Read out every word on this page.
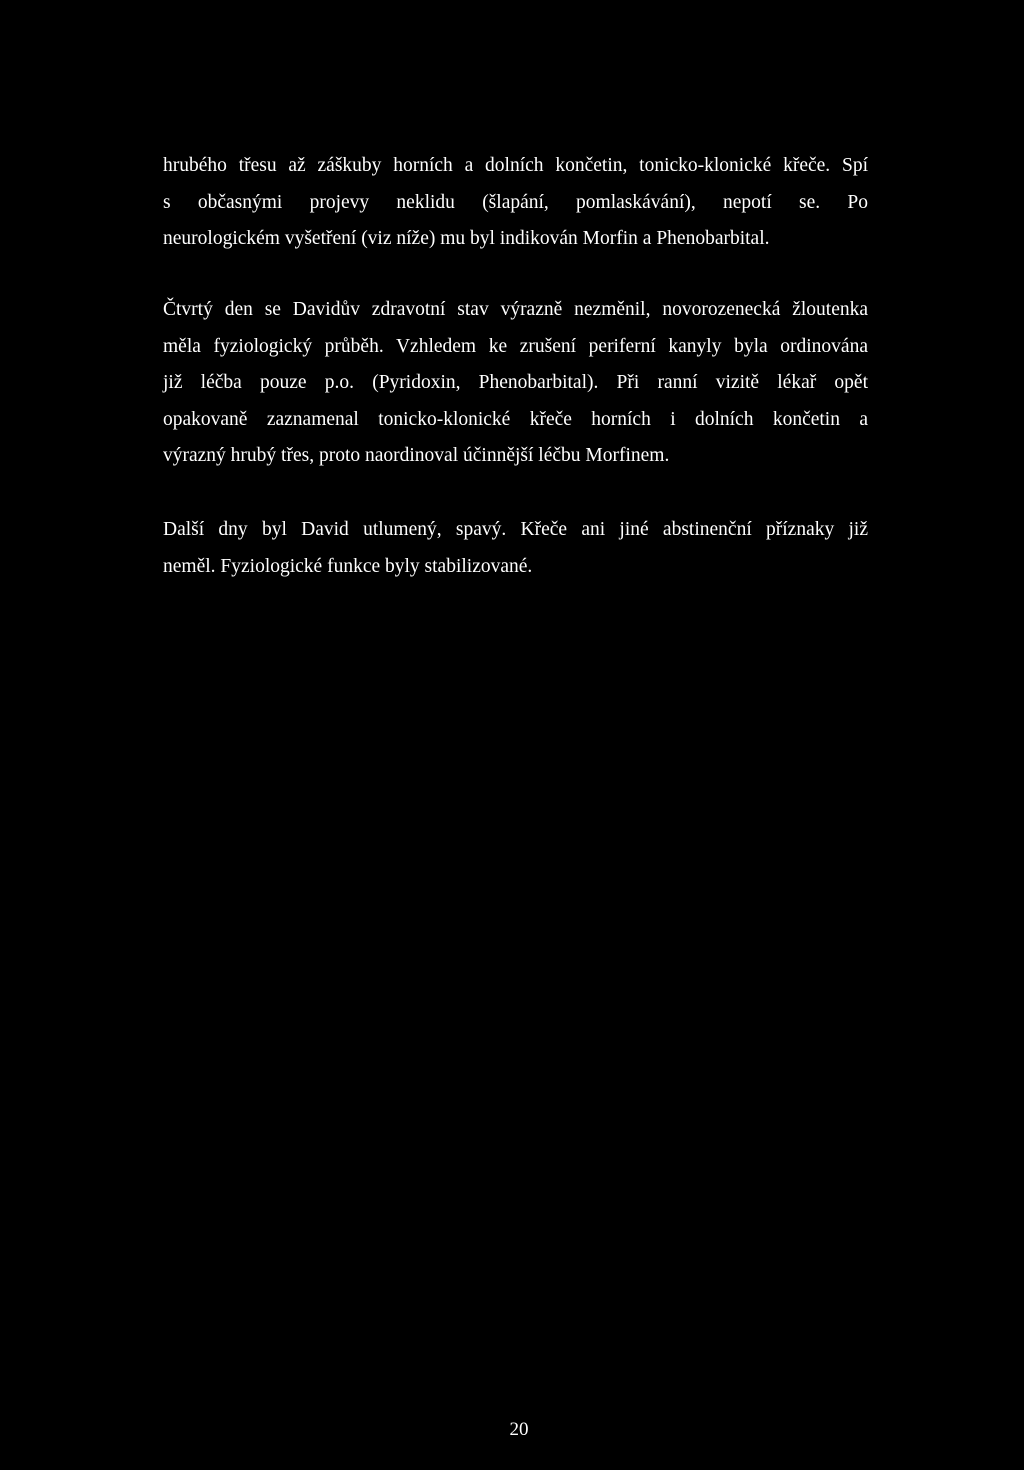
hrubého třesu až záškuby horních a dolních končetin, tonicko-klonické křeče. Spí
s občasnými projevy neklidu (šlapání, pomlaskávání), nepotí se. Po
neurologickém vyšetření (viz níže) mu byl indikován Morfin a Phenobarbital.
Čtvrtý den se Davidův zdravotní stav výrazně nezměnil, novorozenecká žloutenka
měla fyziologický průběh. Vzhledem ke zrušení periferní kanyly byla ordinována
již léčba pouze p.o. (Pyridoxin, Phenobarbital). Při ranní vizitě lékař opět
opakovaně zaznamenal tonicko-klonické křeče horních i dolních končetin a
výrazný hrubý třes, proto naordinoval účinnější léčbu Morfinem.
Další dny byl David utlumený, spavý. Křeče ani jiné abstinenční příznaky již
neměl. Fyziologické funkce byly stabilizované.
20
